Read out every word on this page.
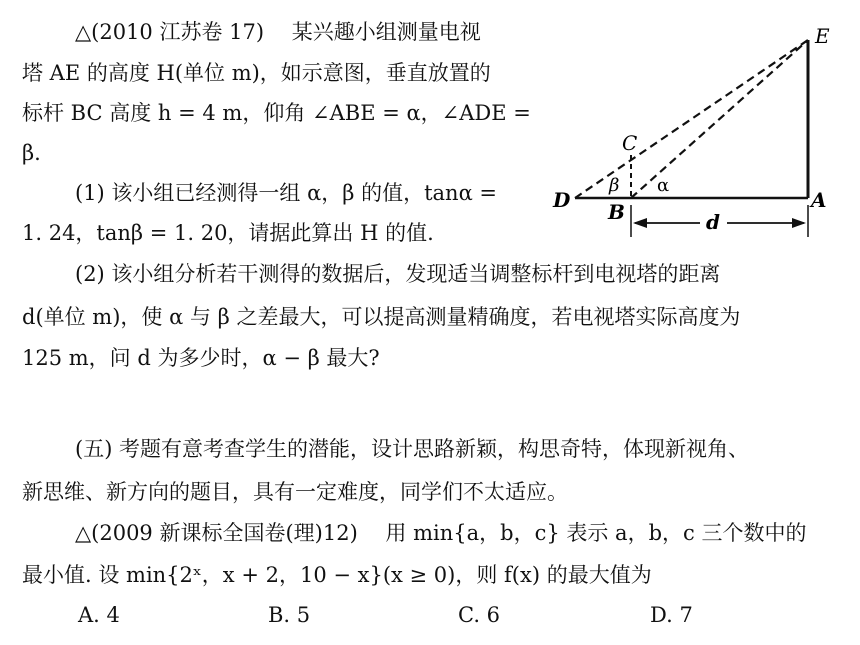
△(2010 江苏卷 17)　 某兴趣小组测量电视
塔 AE 的高度 H(单位 m)，如示意图，垂直放置的
标杆 BC 高度 h = 4 m，仰角 ∠ABE = α，∠ADE =
β.
(1) 该小组已经测得一组 α，β 的值，tanα =
1. 24，tanβ = 1. 20，请据此算出 H 的值.
(2) 该小组分析若干测得的数据后，发现适当调整标杆到电视塔的距离
d(单位 m)，使 α 与 β 之差最大，可以提高测量精确度，若电视塔实际高度为
125 m，问 d 为多少时，α − β 最大?
E
C
β α
D B	A
d
(五) 考题有意考查学生的潜能，设计思路新颖，构思奇特，体现新视角、
新思维、新方向的题目，具有一定难度，同学们不太适应。
△(2009 新课标全国卷(理)12)　 用 min{a，b，c} 表示 a，b，c 三个数中的
最小值. 设 min{2ˣ，x + 2，10 − x}(x ≥ 0)，则 f(x) 的最大值为
A. 4	B. 5	C. 6	D. 7
